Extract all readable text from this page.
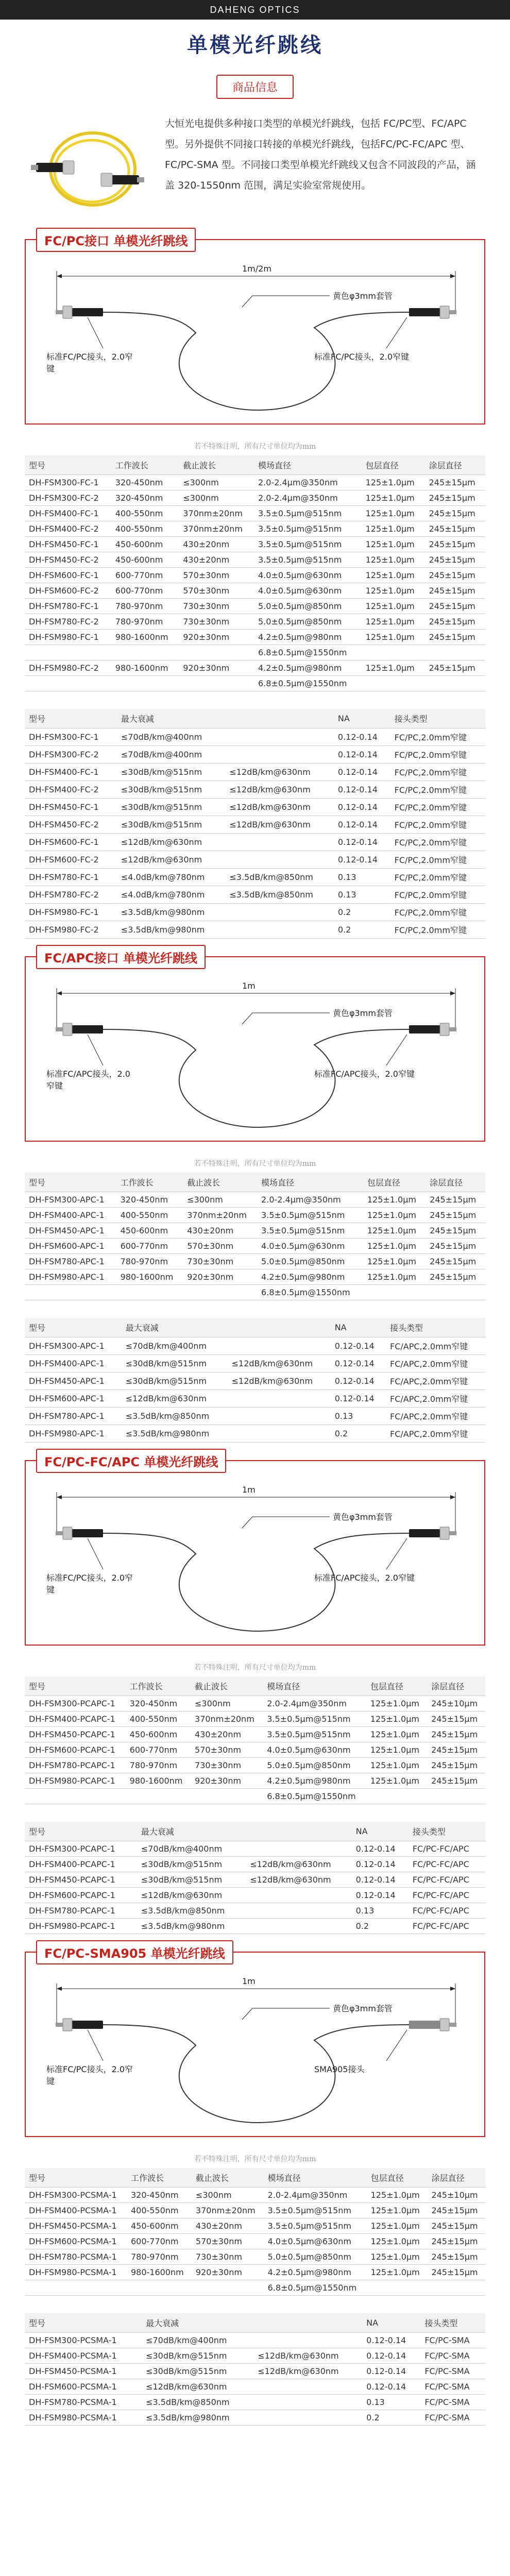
DAHENG OPTICS
单模光纤跳线
商品信息
大恒光电提供多种接口类型的单模光纤跳线，包括 FC/PC型、FC/APC型。另外提供不同接口转接的单模光纤跳线，包括FC/PC-FC/APC 型、FC/PC-SMA 型。不同接口类型单模光纤跳线又包含不同波段的产品，涵盖 320-1550nm 范围，满足实验室常规使用。
FC/PC接口 单模光纤跳线
1m/2m
黄色φ3mm套管
标准FC/PC接头，2.0窄键
标准FC/PC接头，2.0窄键
若不特殊注明，所有尺寸单位均为mm
型号	工作波长	截止波长	模场直径	包层直径	涂层直径
DH-FSM300-FC-1	320-450nm	≤300nm	2.0-2.4μm@350nm	125±1.0μm	245±15μm
DH-FSM300-FC-2	320-450nm	≤300nm	2.0-2.4μm@350nm	125±1.0μm	245±15μm
DH-FSM400-FC-1	400-550nm	370nm±20nm	3.5±0.5μm@515nm	125±1.0μm	245±15μm
DH-FSM400-FC-2	400-550nm	370nm±20nm	3.5±0.5μm@515nm	125±1.0μm	245±15μm
DH-FSM450-FC-1	450-600nm	430±20nm	3.5±0.5μm@515nm	125±1.0μm	245±15μm
DH-FSM450-FC-2	450-600nm	430±20nm	3.5±0.5μm@515nm	125±1.0μm	245±15μm
DH-FSM600-FC-1	600-770nm	570±30nm	4.0±0.5μm@630nm	125±1.0μm	245±15μm
DH-FSM600-FC-2	600-770nm	570±30nm	4.0±0.5μm@630nm	125±1.0μm	245±15μm
DH-FSM780-FC-1	780-970nm	730±30nm	5.0±0.5μm@850nm	125±1.0μm	245±15μm
DH-FSM780-FC-2	780-970nm	730±30nm	5.0±0.5μm@850nm	125±1.0μm	245±15μm
DH-FSM980-FC-1	980-1600nm	920±30nm	4.2±0.5μm@980nm	125±1.0μm	245±15μm
			6.8±0.5μm@1550nm		
DH-FSM980-FC-2	980-1600nm	920±30nm	4.2±0.5μm@980nm	125±1.0μm	245±15μm
			6.8±0.5μm@1550nm		
型号	最大衰减		NA	接头类型
DH-FSM300-FC-1	≤70dB/km@400nm		0.12-0.14	FC/PC,2.0mm窄键
DH-FSM300-FC-2	≤70dB/km@400nm		0.12-0.14	FC/PC,2.0mm窄键
DH-FSM400-FC-1	≤30dB/km@515nm	≤12dB/km@630nm	0.12-0.14	FC/PC,2.0mm窄键
DH-FSM400-FC-2	≤30dB/km@515nm	≤12dB/km@630nm	0.12-0.14	FC/PC,2.0mm窄键
DH-FSM450-FC-1	≤30dB/km@515nm	≤12dB/km@630nm	0.12-0.14	FC/PC,2.0mm窄键
DH-FSM450-FC-2	≤30dB/km@515nm	≤12dB/km@630nm	0.12-0.14	FC/PC,2.0mm窄键
DH-FSM600-FC-1	≤12dB/km@630nm		0.12-0.14	FC/PC,2.0mm窄键
DH-FSM600-FC-2	≤12dB/km@630nm		0.12-0.14	FC/PC,2.0mm窄键
DH-FSM780-FC-1	≤4.0dB/km@780nm	≤3.5dB/km@850nm	0.13	FC/PC,2.0mm窄键
DH-FSM780-FC-2	≤4.0dB/km@780nm	≤3.5dB/km@850nm	0.13	FC/PC,2.0mm窄键
DH-FSM980-FC-1	≤3.5dB/km@980nm		0.2	FC/PC,2.0mm窄键
DH-FSM980-FC-2	≤3.5dB/km@980nm		0.2	FC/PC,2.0mm窄键
FC/APC接口 单模光纤跳线
1m
黄色φ3mm套管
标准FC/APC接头，2.0窄键
标准FC/APC接头，2.0窄键
若不特殊注明，所有尺寸单位均为mm
型号	工作波长	截止波长	模场直径	包层直径	涂层直径
DH-FSM300-APC-1	320-450nm	≤300nm	2.0-2.4μm@350nm	125±1.0μm	245±15μm
DH-FSM400-APC-1	400-550nm	370nm±20nm	3.5±0.5μm@515nm	125±1.0μm	245±15μm
DH-FSM450-APC-1	450-600nm	430±20nm	3.5±0.5μm@515nm	125±1.0μm	245±15μm
DH-FSM600-APC-1	600-770nm	570±30nm	4.0±0.5μm@630nm	125±1.0μm	245±15μm
DH-FSM780-APC-1	780-970nm	730±30nm	5.0±0.5μm@850nm	125±1.0μm	245±15μm
DH-FSM980-APC-1	980-1600nm	920±30nm	4.2±0.5μm@980nm	125±1.0μm	245±15μm
			6.8±0.5μm@1550nm		
型号	最大衰减		NA	接头类型
DH-FSM300-APC-1	≤70dB/km@400nm		0.12-0.14	FC/APC,2.0mm窄键
DH-FSM400-APC-1	≤30dB/km@515nm	≤12dB/km@630nm	0.12-0.14	FC/APC,2.0mm窄键
DH-FSM450-APC-1	≤30dB/km@515nm	≤12dB/km@630nm	0.12-0.14	FC/APC,2.0mm窄键
DH-FSM600-APC-1	≤12dB/km@630nm		0.12-0.14	FC/APC,2.0mm窄键
DH-FSM780-APC-1	≤3.5dB/km@850nm		0.13	FC/APC,2.0mm窄键
DH-FSM980-APC-1	≤3.5dB/km@980nm		0.2	FC/APC,2.0mm窄键
FC/PC-FC/APC 单模光纤跳线
1m
黄色φ3mm套管
标准FC/PC接头，2.0窄键
标准FC/APC接头，2.0窄键
若不特殊注明，所有尺寸单位均为mm
型号	工作波长	截止波长	模场直径	包层直径	涂层直径
DH-FSM300-PCAPC-1	320-450nm	≤300nm	2.0-2.4μm@350nm	125±1.0μm	245±10μm
DH-FSM400-PCAPC-1	400-550nm	370nm±20nm	3.5±0.5μm@515nm	125±1.0μm	245±15μm
DH-FSM450-PCAPC-1	450-600nm	430±20nm	3.5±0.5μm@515nm	125±1.0μm	245±15μm
DH-FSM600-PCAPC-1	600-770nm	570±30nm	4.0±0.5μm@630nm	125±1.0μm	245±15μm
DH-FSM780-PCAPC-1	780-970nm	730±30nm	5.0±0.5μm@850nm	125±1.0μm	245±15μm
DH-FSM980-PCAPC-1	980-1600nm	920±30nm	4.2±0.5μm@980nm	125±1.0μm	245±15μm
			6.8±0.5μm@1550nm		
型号	最大衰减		NA	接头类型
DH-FSM300-PCAPC-1	≤70dB/km@400nm		0.12-0.14	FC/PC-FC/APC
DH-FSM400-PCAPC-1	≤30dB/km@515nm	≤12dB/km@630nm	0.12-0.14	FC/PC-FC/APC
DH-FSM450-PCAPC-1	≤30dB/km@515nm	≤12dB/km@630nm	0.12-0.14	FC/PC-FC/APC
DH-FSM600-PCAPC-1	≤12dB/km@630nm		0.12-0.14	FC/PC-FC/APC
DH-FSM780-PCAPC-1	≤3.5dB/km@850nm		0.13	FC/PC-FC/APC
DH-FSM980-PCAPC-1	≤3.5dB/km@980nm		0.2	FC/PC-FC/APC
FC/PC-SMA905 单模光纤跳线
1m
黄色φ3mm套管
标准FC/PC接头，2.0窄键
SMA905接头
若不特殊注明，所有尺寸单位均为mm
型号	工作波长	截止波长	模场直径	包层直径	涂层直径
DH-FSM300-PCSMA-1	320-450nm	≤300nm	2.0-2.4μm@350nm	125±1.0μm	245±10μm
DH-FSM400-PCSMA-1	400-550nm	370nm±20nm	3.5±0.5μm@515nm	125±1.0μm	245±15μm
DH-FSM450-PCSMA-1	450-600nm	430±20nm	3.5±0.5μm@515nm	125±1.0μm	245±15μm
DH-FSM600-PCSMA-1	600-770nm	570±30nm	4.0±0.5μm@630nm	125±1.0μm	245±15μm
DH-FSM780-PCSMA-1	780-970nm	730±30nm	5.0±0.5μm@850nm	125±1.0μm	245±15μm
DH-FSM980-PCSMA-1	980-1600nm	920±30nm	4.2±0.5μm@980nm	125±1.0μm	245±15μm
			6.8±0.5μm@1550nm		
型号	最大衰减		NA	接头类型
DH-FSM300-PCSMA-1	≤70dB/km@400nm		0.12-0.14	FC/PC-SMA
DH-FSM400-PCSMA-1	≤30dB/km@515nm	≤12dB/km@630nm	0.12-0.14	FC/PC-SMA
DH-FSM450-PCSMA-1	≤30dB/km@515nm	≤12dB/km@630nm	0.12-0.14	FC/PC-SMA
DH-FSM600-PCSMA-1	≤12dB/km@630nm		0.12-0.14	FC/PC-SMA
DH-FSM780-PCSMA-1	≤3.5dB/km@850nm		0.13	FC/PC-SMA
DH-FSM980-PCSMA-1	≤3.5dB/km@980nm		0.2	FC/PC-SMA
